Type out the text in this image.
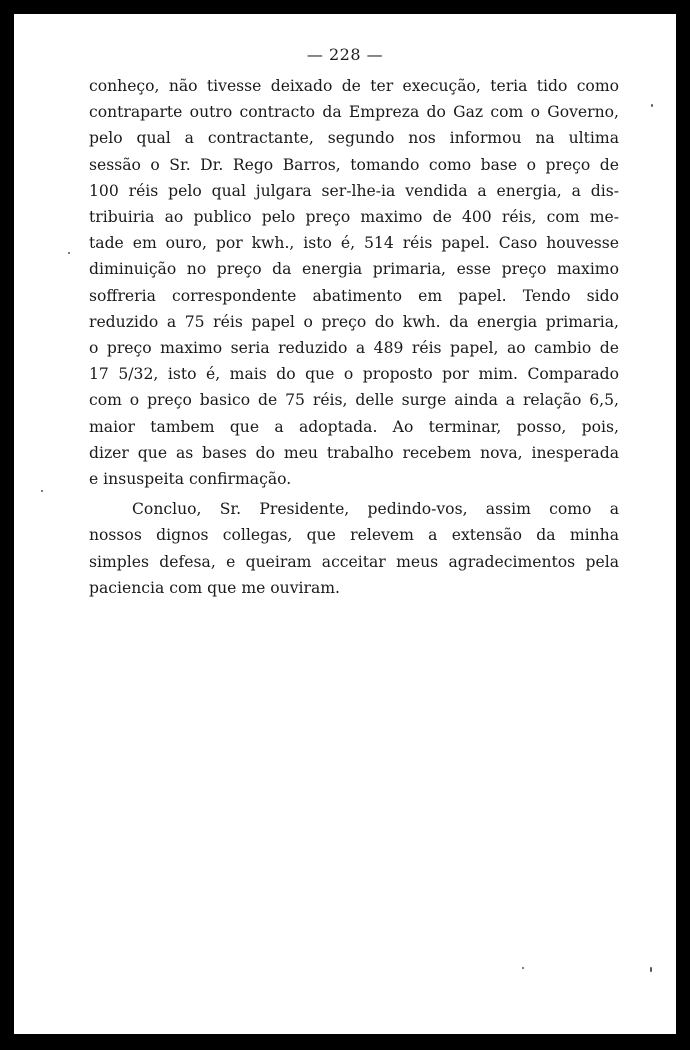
— 228 —
conheço, não tivesse deixado de ter execução, teria tido como
contraparte outro contracto da Empreza do Gaz com o Governo,
pelo qual a contractante, segundo nos informou na ultima
sessão o Sr. Dr. Rego Barros, tomando como base o preço de
100 réis pelo qual julgara ser-lhe-ia vendida a energia, a dis-
tribuiria ao publico pelo preço maximo de 400 réis, com me-
tade em ouro, por kwh., isto é, 514 réis papel. Caso houvesse
diminuição no preço da energia primaria, esse preço maximo
soffreria correspondente abatimento em papel. Tendo sido
reduzido a 75 réis papel o preço do kwh. da energia primaria,
o preço maximo seria reduzido a 489 réis papel, ao cambio de
17 5/32, isto é, mais do que o proposto por mim. Comparado
com o preço basico de 75 réis, delle surge ainda a relação 6,5,
maior tambem que a adoptada. Ao terminar, posso, pois,
dizer que as bases do meu trabalho recebem nova, inesperada
e insuspeita confirmação.
Concluo, Sr. Presidente, pedindo-vos, assim como a
nossos dignos collegas, que relevem a extensão da minha
simples defesa, e queiram acceitar meus agradecimentos pela
paciencia com que me ouviram.
